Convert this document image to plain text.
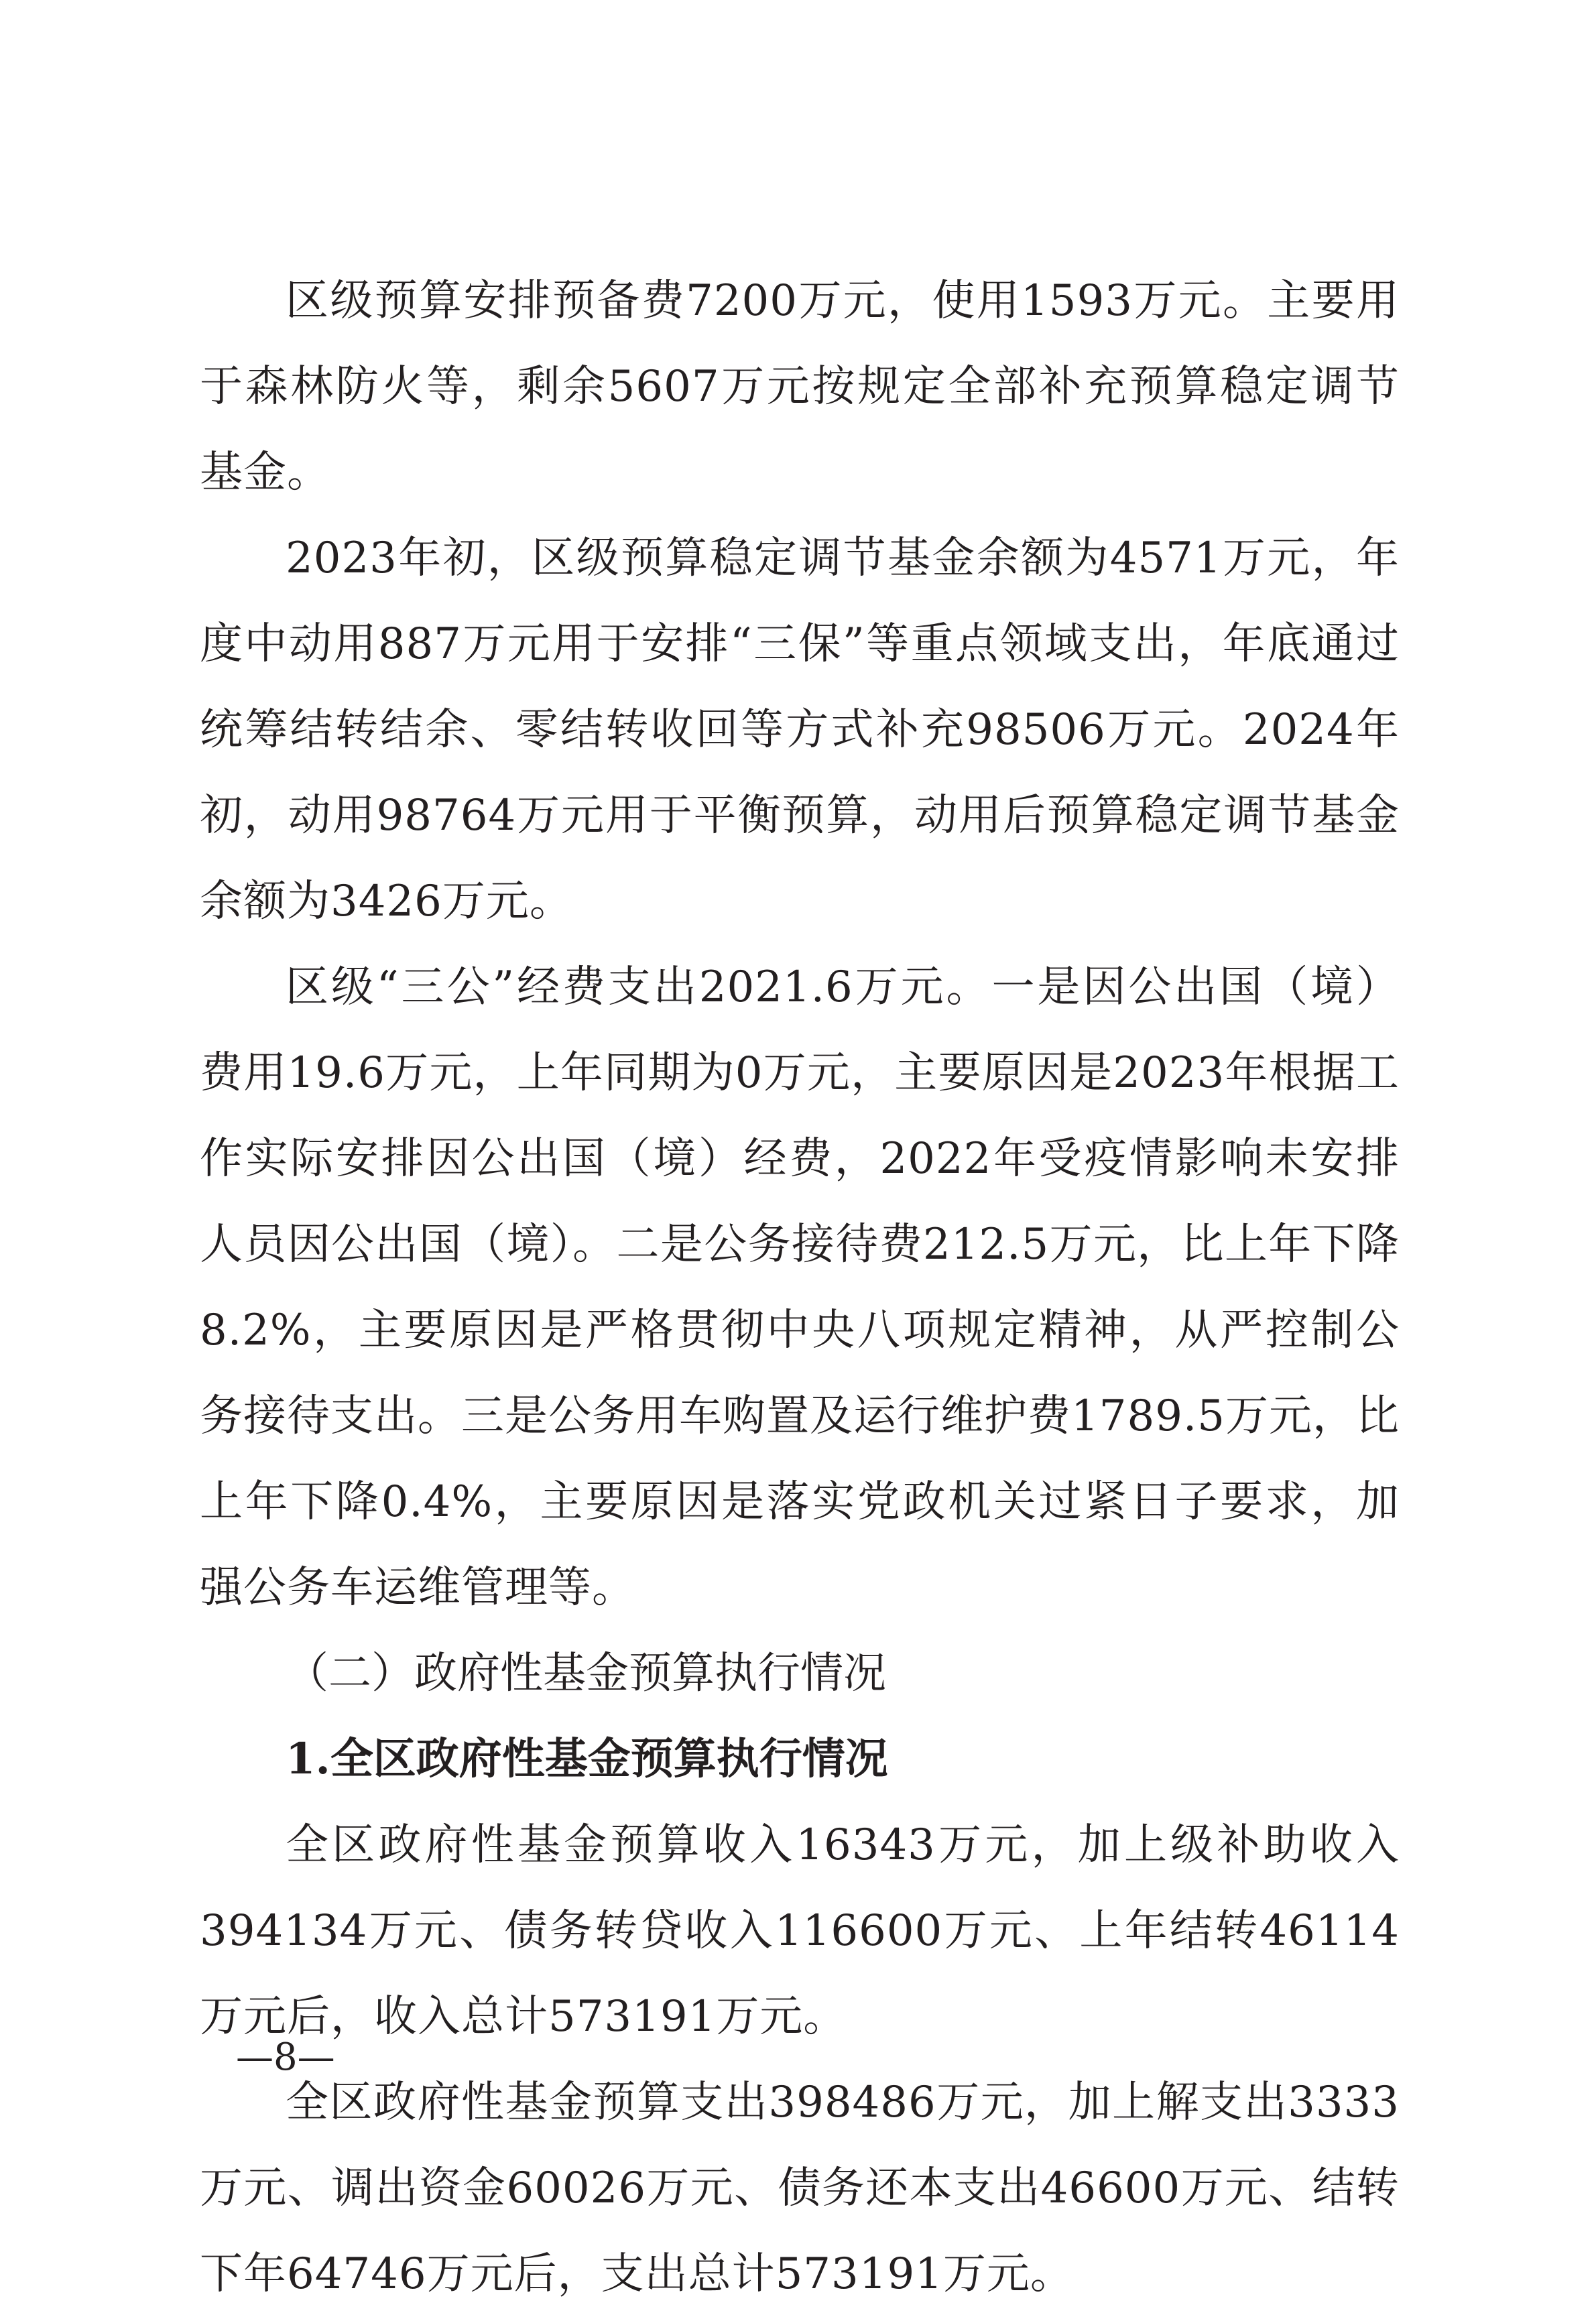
区级预算安排预备费7200万元，使用1593万元。主要用于森林防火等，剩余5607万元按规定全部补充预算稳定调节基金。

2023年初，区级预算稳定调节基金余额为4571万元，年度中动用887万元用于安排“三保”等重点领域支出，年底通过统筹结转结余、零结转收回等方式补充98506万元。2024年初，动用98764万元用于平衡预算，动用后预算稳定调节基金余额为3426万元。

区级“三公”经费支出2021.6万元。一是因公出国（境）费用19.6万元，上年同期为0万元，主要原因是2023年根据工作实际安排因公出国（境）经费，2022年受疫情影响未安排人员因公出国（境）。二是公务接待费212.5万元，比上年下降8.2%，主要原因是严格贯彻中央八项规定精神，从严控制公务接待支出。三是公务用车购置及运行维护费1789.5万元，比上年下降0.4%，主要原因是落实党政机关过紧日子要求，加强公务车运维管理等。

（二）政府性基金预算执行情况

1.全区政府性基金预算执行情况

全区政府性基金预算收入16343万元，加上级补助收入394134万元、债务转贷收入116600万元、上年结转46114万元后，收入总计573191万元。

全区政府性基金预算支出398486万元，加上解支出3333万元、调出资金60026万元、债务还本支出46600万元、结转下年64746万元后，支出总计573191万元。

—8—
